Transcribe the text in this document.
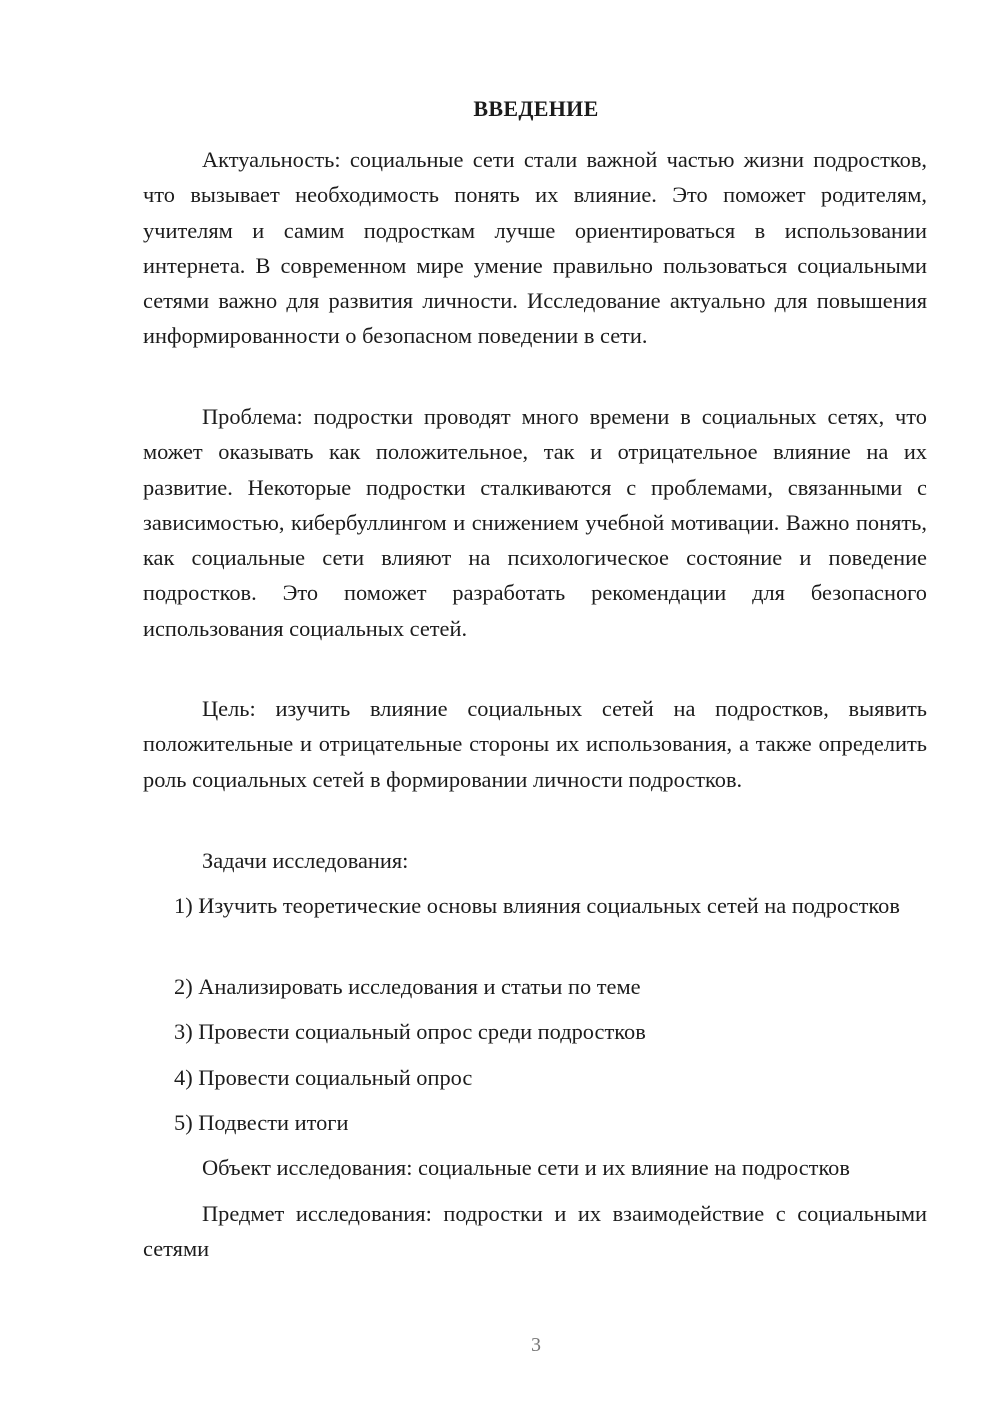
ВВЕДЕНИЕ

Актуальность: социальные сети стали важной частью жизни подростков, что вызывает необходимость понять их влияние. Это поможет родителям, учителям и самим подросткам лучше ориентироваться в использовании интернета. В современном мире умение правильно пользоваться социальными сетями важно для развития личности. Исследование актуально для повышения информированности о безопасном поведении в сети.

Проблема: подростки проводят много времени в социальных сетях, что может оказывать как положительное, так и отрицательное влияние на их развитие. Некоторые подростки сталкиваются с проблемами, связанными с зависимостью, кибербуллингом и снижением учебной мотивации. Важно понять, как социальные сети влияют на психологическое состояние и поведение подростков. Это поможет разработать рекомендации для безопасного использования социальных сетей.

Цель: изучить влияние социальных сетей на подростков, выявить положительные и отрицательные стороны их использования, а также определить роль социальных сетей в формировании личности подростков.

Задачи исследования:

1) Изучить теоретические основы влияния социальных сетей на подростков

2) Анализировать исследования и статьи по теме

3) Провести социальный опрос среди подростков

4) Провести социальный опрос

5) Подвести итоги

Объект исследования: социальные сети и их влияние на подростков

Предмет исследования: подростки и их взаимодействие с социальными сетями

3
